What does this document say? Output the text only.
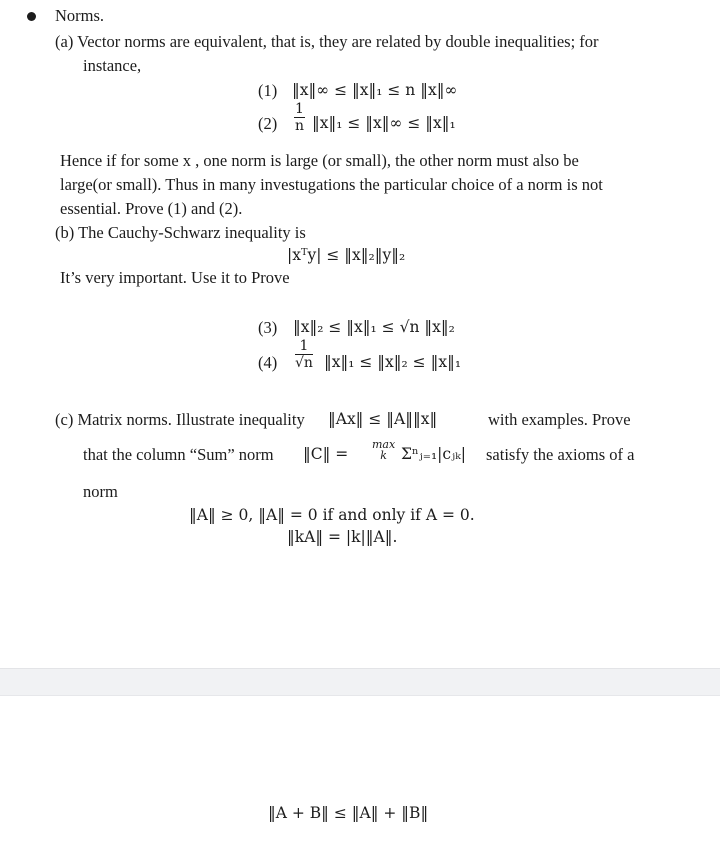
Norms.
(a) Vector norms are equivalent, that is, they are related by double inequalities; for
instance,
(1) ‖x‖∞ ≤ ‖x‖₁ ≤ n ‖x‖∞
$(2) \frac{1}{n}$ ‖x‖₁ ≤ ‖x‖∞ ≤ ‖x‖₁
Hence if for some x , one norm is large (or small), the other norm must also be
large(or small). Thus in many investugations the particular choice of a norm is not
essential. Prove (1) and (2).
(b) The Cauchy-Schwarz inequality is
|xᵀy| ≤ ‖x‖₂‖y‖₂
It’s very important. Use it to Prove
(3) ‖x‖₂ ≤ ‖x‖₁ ≤ √n ‖x‖₂
$(4) \frac{1}{√n}$ ‖x‖₁ ≤ ‖x‖₂ ≤ ‖x‖₁
(c) Matrix norms. Illustrate inequality ‖Ax‖ ≤ ‖A‖‖x‖	with examples. Prove
that the column “Sum” norm ‖C‖ =
max
k Σⁿⱼ₌₁|cⱼₖ| satisfy the axioms of a
norm
‖A‖ ≥ 0, ‖A‖ = 0 if and only if A = 0.
‖kA‖ = |k|‖A‖.
‖A + B‖ ≤ ‖A‖ + ‖B‖
